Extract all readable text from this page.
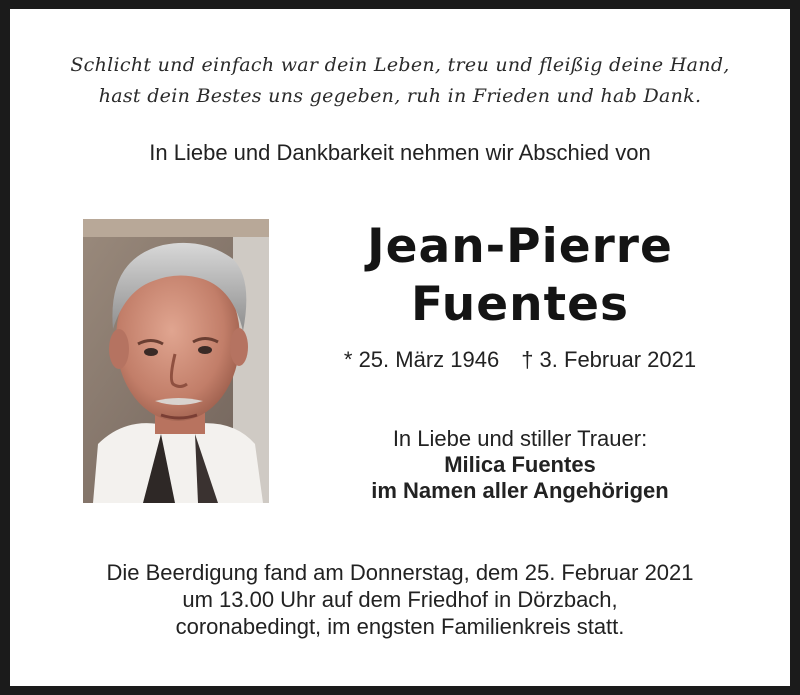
Schlicht und einfach war dein Leben, treu und fleißig deine Hand,
hast dein Bestes uns gegeben, ruh in Frieden und hab Dank.
In Liebe und Dankbarkeit nehmen wir Abschied von
Jean-Pierre
Fuentes
* 25. März 1946 † 3. Februar 2021
In Liebe und stiller Trauer:
Milica Fuentes
im Namen aller Angehörigen
Die Beerdigung fand am Donnerstag, dem 25. Februar 2021
um 13.00 Uhr auf dem Friedhof in Dörzbach,
coronabedingt, im engsten Familienkreis statt.
